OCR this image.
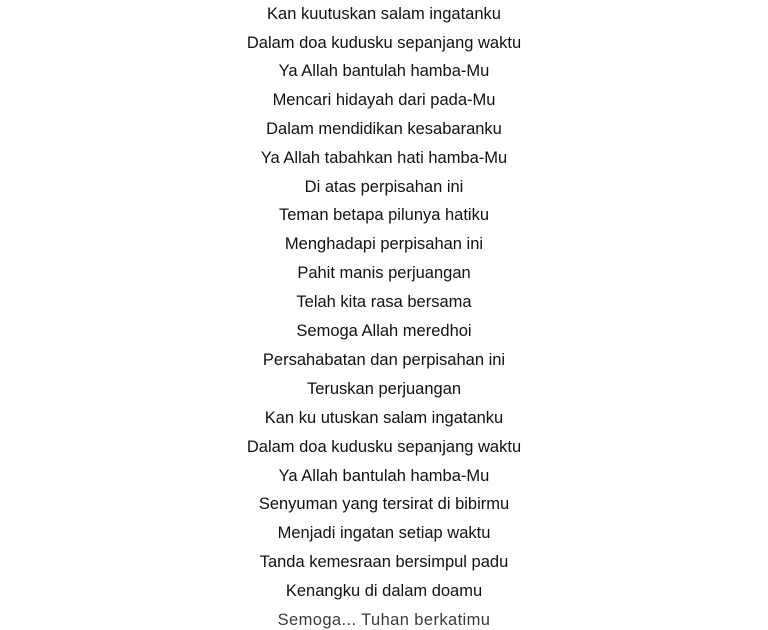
Kan kuutuskan salam ingatanku
Dalam doa kudusku sepanjang waktu
Ya Allah bantulah hamba-Mu
Mencari hidayah dari pada-Mu
Dalam mendidikan kesabaranku
Ya Allah tabahkan hati hamba-Mu
Di atas perpisahan ini
Teman betapa pilunya hatiku
Menghadapi perpisahan ini
Pahit manis perjuangan
Telah kita rasa bersama
Semoga Allah meredhoi
Persahabatan dan perpisahan ini
Teruskan perjuangan
Kan ku utuskan salam ingatanku
Dalam doa kudusku sepanjang waktu
Ya Allah bantulah hamba-Mu
Senyuman yang tersirat di bibirmu
Menjadi ingatan setiap waktu
Tanda kemesraan bersimpul padu
Kenangku di dalam doamu
Semoga... Tuhan berkatimu
